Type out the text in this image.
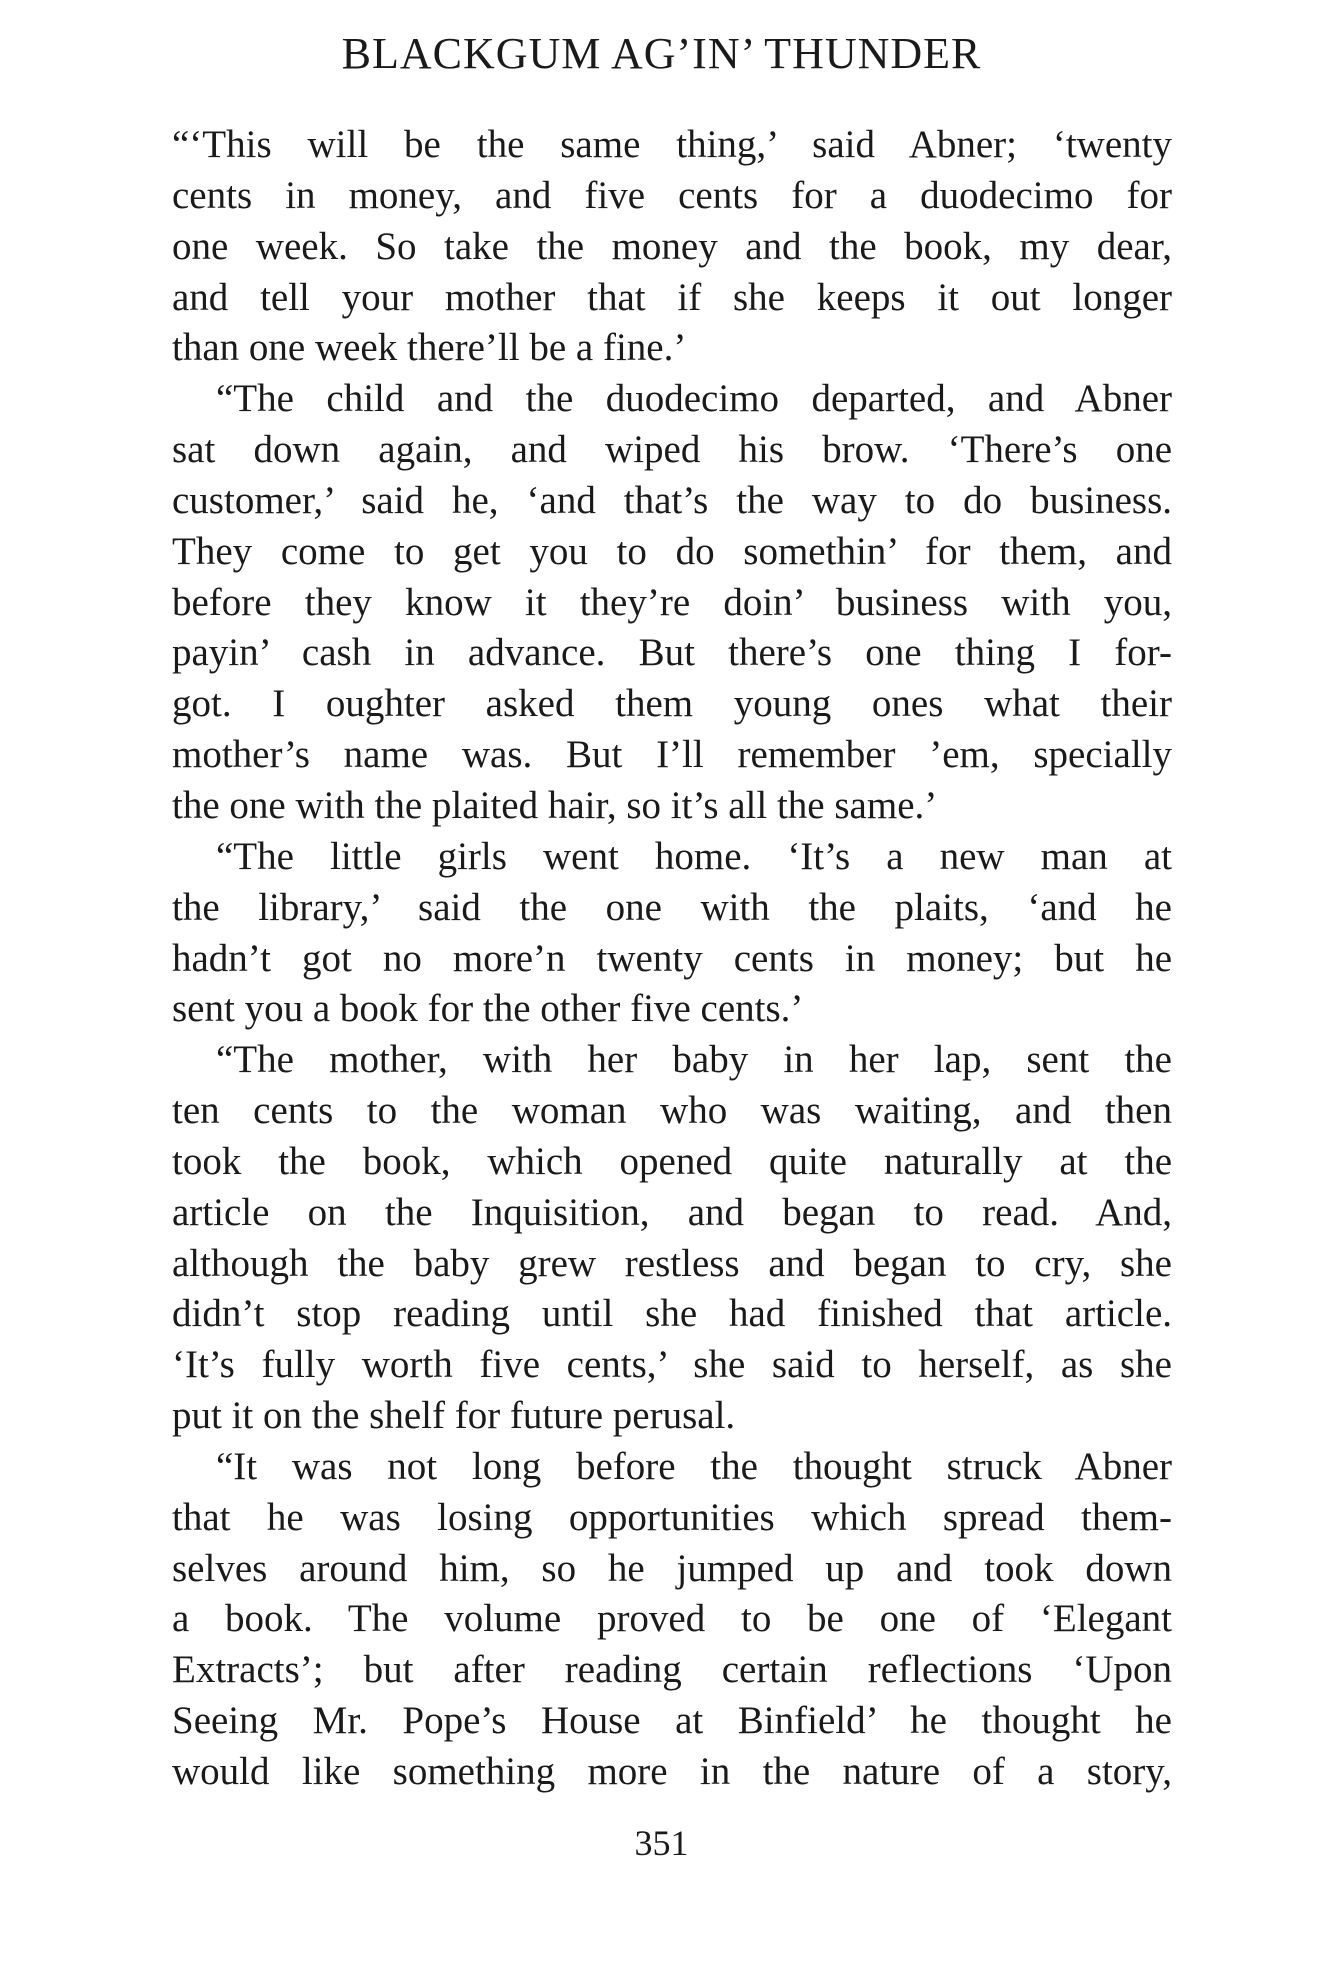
BLACKGUM AG’IN’ THUNDER
“‘This will be the same thing,’ said Abner; ‘twenty
cents in money, and five cents for a duodecimo for
one week. So take the money and the book, my dear,
and tell your mother that if she keeps it out longer
than one week there’ll be a fine.’
“The child and the duodecimo departed, and Abner
sat down again, and wiped his brow. ‘There’s one
customer,’ said he, ‘and that’s the way to do business.
They come to get you to do somethin’ for them, and
before they know it they’re doin’ business with you,
payin’ cash in advance. But there’s one thing I for-
got. I oughter asked them young ones what their
mother’s name was. But I’ll remember ’em, specially
the one with the plaited hair, so it’s all the same.’
“The little girls went home. ‘It’s a new man at
the library,’ said the one with the plaits, ‘and he
hadn’t got no more’n twenty cents in money; but he
sent you a book for the other five cents.’
“The mother, with her baby in her lap, sent the
ten cents to the woman who was waiting, and then
took the book, which opened quite naturally at the
article on the Inquisition, and began to read. And,
although the baby grew restless and began to cry, she
didn’t stop reading until she had finished that article.
‘It’s fully worth five cents,’ she said to herself, as she
put it on the shelf for future perusal.
“It was not long before the thought struck Abner
that he was losing opportunities which spread them-
selves around him, so he jumped up and took down
a book. The volume proved to be one of ‘Elegant
Extracts’; but after reading certain reflections ‘Upon
Seeing Mr. Pope’s House at Binfield’ he thought he
would like something more in the nature of a story,
351
